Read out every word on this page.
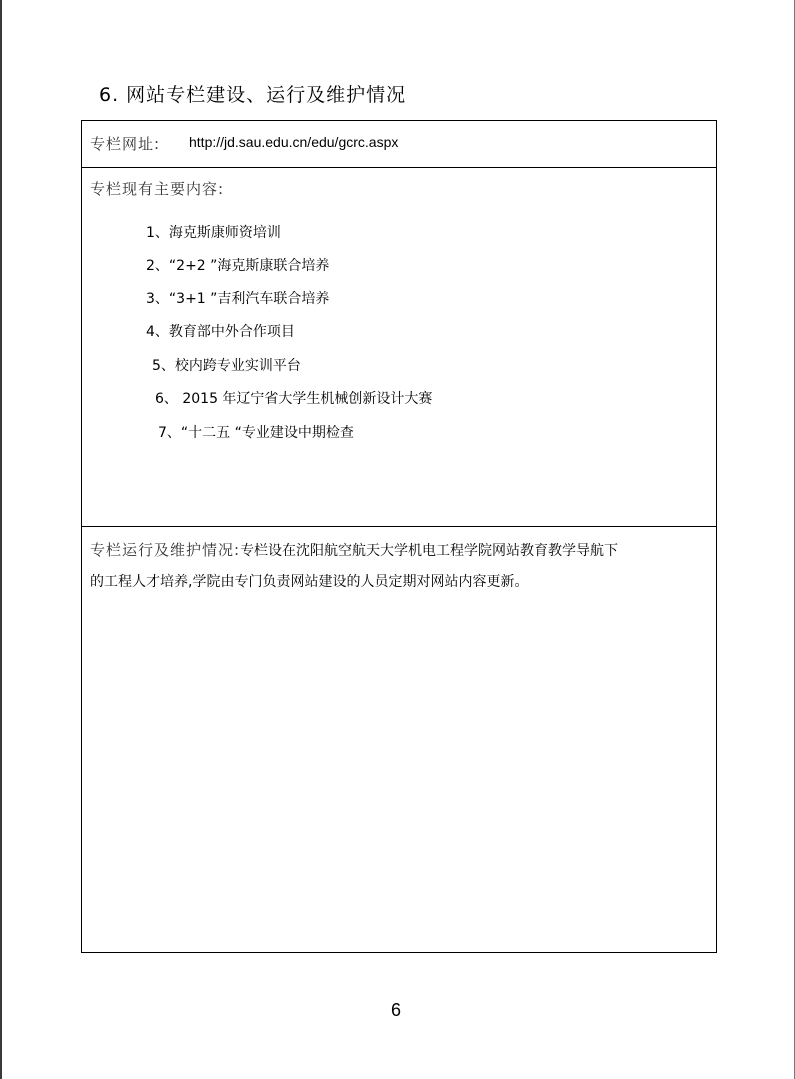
6. 网站专栏建设、运行及维护情况
专栏网址: http://jd.sau.edu.cn/edu/gcrc.aspx
专栏现有主要内容:
1、海克斯康师资培训
2、“2+2 ”海克斯康联合培养
3、“3+1 ”吉利汽车联合培养
4、教育部中外合作项目
5、校内跨专业实训平台
6、 2015 年辽宁省大学生机械创新设计大赛
7、“十二五 “专业建设中期检查
专栏运行及维护情况:专栏设在沈阳航空航天大学机电工程学院网站教育教学导航下
的工程人才培养,学院由专门负责网站建设的人员定期对网站内容更新。
6
